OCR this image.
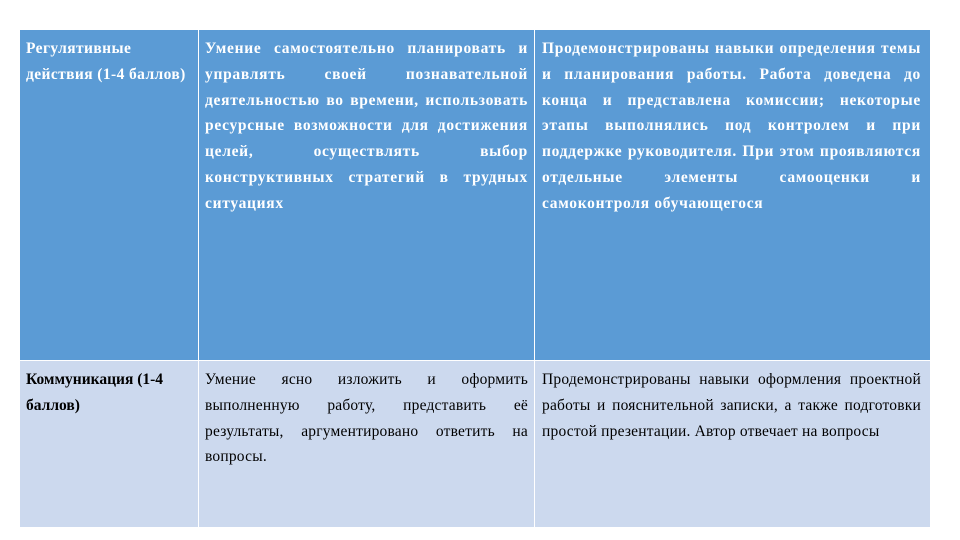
Регулятивные действия (1-4 баллов)
Умение самостоятельно планировать и управлять своей познавательной деятельностью во времени, использовать ресурсные возможности для достижения целей, осуществлять выбор конструктивных стратегий в трудных ситуациях
Продемонстрированы навыки определения темы и планирования работы. Работа доведена до конца и представлена комиссии; некоторые этапы выполнялись под контролем и при поддержке руководителя. При этом проявляются отдельные элементы самооценки и самоконтроля обучающегося
Коммуникация (1-4 баллов)
Умение ясно изложить и оформить выполненную работу, представить её результаты, аргументировано ответить на вопросы.
Продемонстрированы навыки оформления проектной работы и пояснительной записки, а также подготовки простой презентации. Автор отвечает на вопросы
